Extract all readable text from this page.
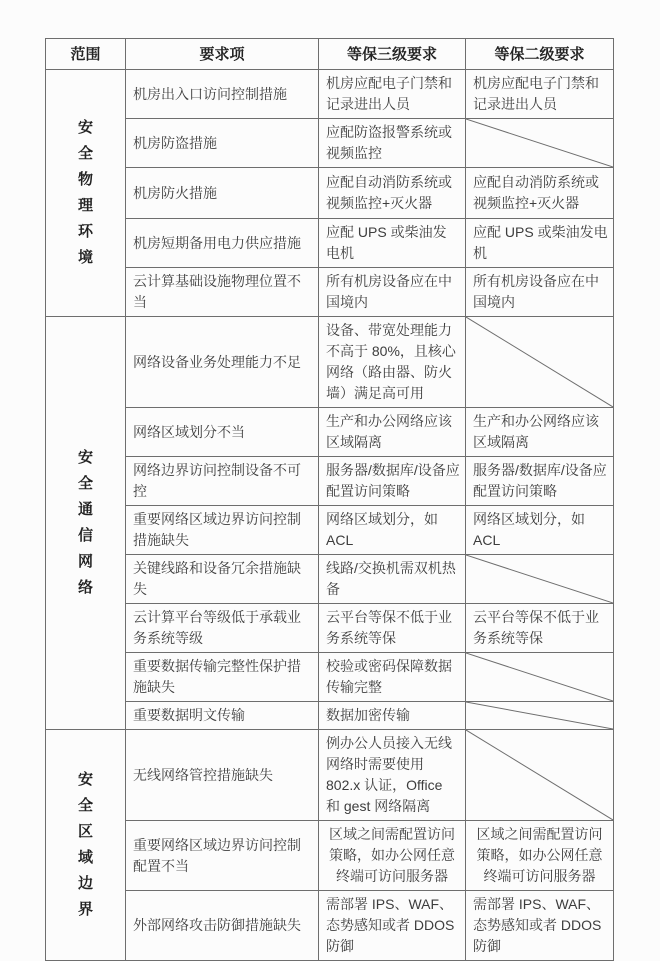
范围	要求项	等保三级要求	等保二级要求

安全物理环境	机房出入口访问控制措施	机房应配电子门禁和记录进出人员	机房应配电子门禁和记录进出人员
	机房防盗措施	应配防盗报警系统或视频监控	

	机房防火措施	应配自动消防系统或视频监控+灭火器	应配自动消防系统或视频监控+灭火器
	机房短期备用电力供应措施	应配 UPS 或柴油发电机	应配 UPS 或柴油发电机
	云计算基础设施物理位置不当	所有机房设备应在中国境内	所有机房设备应在中国境内

安全通信网络	网络设备业务处理能力不足	设备、带宽处理能力不高于 80%，且核心网络（路由器、防火墙）满足高可用	

	网络区域划分不当	生产和办公网络应该区域隔离	生产和办公网络应该区域隔离
	网络边界访问控制设备不可控	服务器/数据库/设备应配置访问策略	服务器/数据库/设备应配置访问策略
	重要网络区域边界访问控制措施缺失	网络区域划分，如 ACL	网络区域划分，如 ACL
	关键线路和设备冗余措施缺失	线路/交换机需双机热备	

	云计算平台等级低于承载业务系统等级	云平台等保不低于业务系统等保	云平台等保不低于业务系统等保
	重要数据传输完整性保护措施缺失	校验或密码保障数据传输完整	

	重要数据明文传输	数据加密传输	

安全区域边界	无线网络管控措施缺失	例办公人员接入无线网络时需要使用 802.x 认证，Office 和 gest 网络隔离	

	重要网络区域边界访问控制配置不当	区域之间需配置访问策略，如办公网任意终端可访问服务器	区域之间需配置访问策略，如办公网任意终端可访问服务器
	外部网络攻击防御措施缺失	需部署 IPS、WAF、态势感知或者 DDOS 防御	需部署 IPS、WAF、态势感知或者 DDOS 防御
